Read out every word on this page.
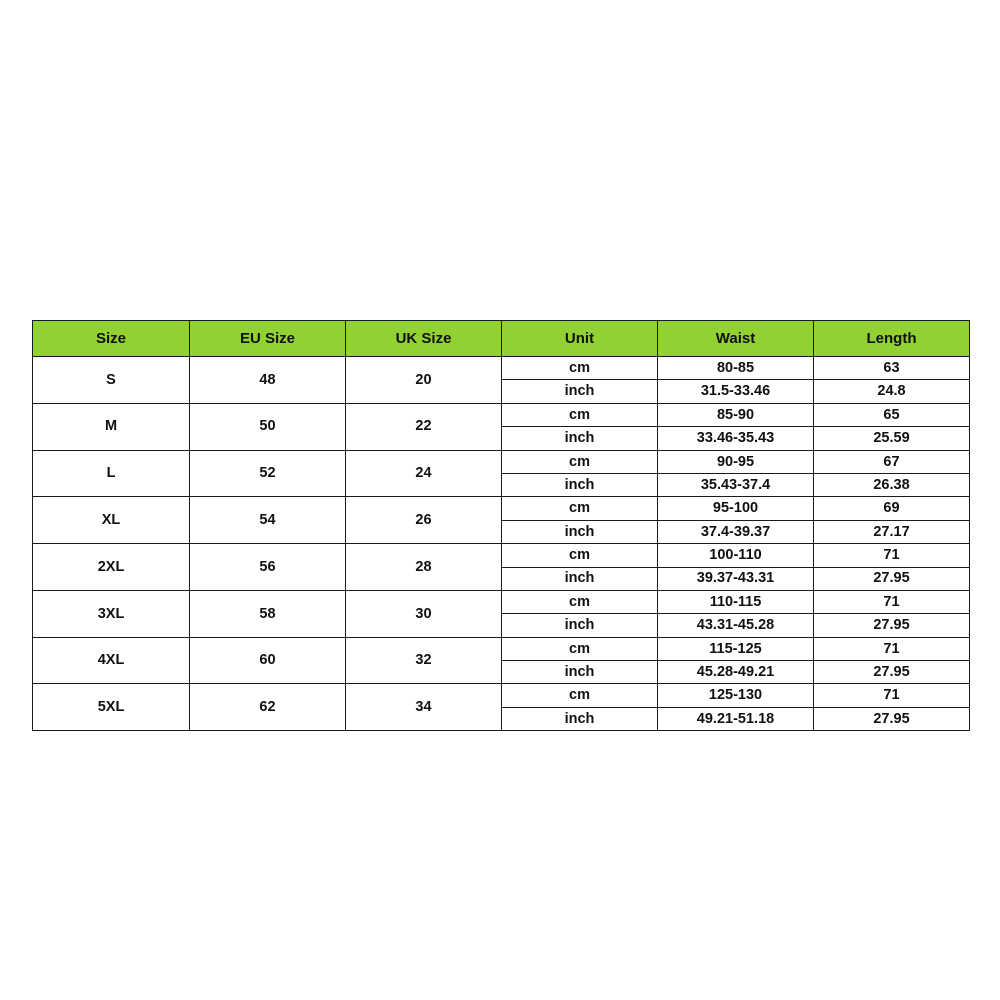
Size	EU Size	UK Size	Unit	Waist	Length
S	48	20	cm	80-85	63
			inch	31.5-33.46	24.8
M	50	22	cm	85-90	65
			inch	33.46-35.43	25.59
L	52	24	cm	90-95	67
			inch	35.43-37.4	26.38
XL	54	26	cm	95-100	69
			inch	37.4-39.37	27.17
2XL	56	28	cm	100-110	71
			inch	39.37-43.31	27.95
3XL	58	30	cm	110-115	71
			inch	43.31-45.28	27.95
4XL	60	32	cm	115-125	71
			inch	45.28-49.21	27.95
5XL	62	34	cm	125-130	71
			inch	49.21-51.18	27.95
